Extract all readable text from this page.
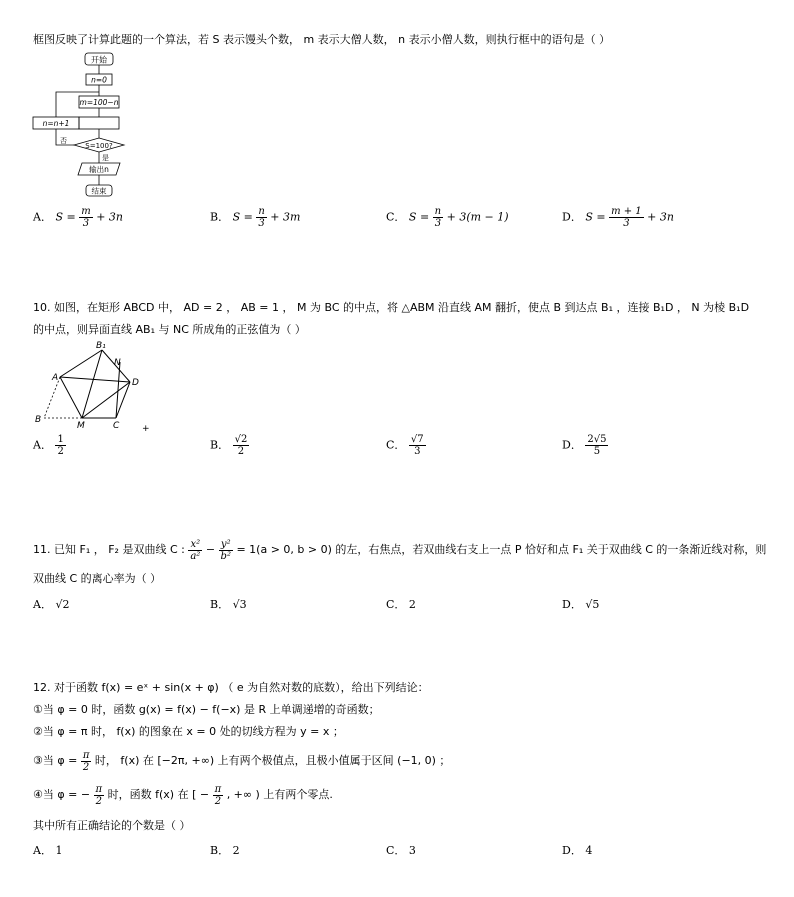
框图反映了计算此题的一个算法，若 S 表示馒头个数， m 表示大僧人数， n 表示小僧人数，则执行框中的语句是（ ）
开始
n=0
m=100−n
S=100?
否
n=n+1
是
输出n
结束
A． $S = \frac{m}{3} + 3n$	B． $S = \frac{n}{3} + 3m$	C． $S = \frac{n}{3} + 3(m - 1)$	D． $S = \frac{m + 1}{3} + 3n$
10. 如图，在矩形 ABCD 中， AD = 2 ， AB = 1 ， M 为 BC 的中点，将 △ABM 沿直线 AM 翻折，使点 B 到达点 B₁ ，连接 B₁D ， N 为棱 B₁D
的中点，则异面直线 AB₁ 与 NC 所成角的正弦值为（ ）
B₁
N
A	D
B
M	C	+
A． $\frac{1}{2}$	B． $\frac{√2}{2}$	C． $\frac{√7}{3}$	D． $\frac{2√5}{5}$
11. 已知 F₁ ， F₂ 是双曲线 C : $\frac{\text{x²}}{\text{a²}} - \frac{\text{y²}}{\text{b²}} = 1(a > 0$, b > 0) 的左，右焦点，若双曲线右支上一点 P 恰好和点 F₁ 关于双曲线 C 的一条渐近线对称，则
双曲线 C 的离心率为（ ）
A． √2	B． √3	C． 2	D． √5
12. 对于函数 f(x) = eˣ + sin(x + φ) （ e 为自然对数的底数），给出下列结论：
①当 φ = 0 时，函数 g(x) = f(x) − f(−x) 是 R 上单调递增的奇函数；
②当 φ = π 时， f(x) 的图象在 x = 0 处的切线方程为 y = x ；
③当 $\varphi = \frac{\pi}{2}$ 时， f(x) 在 [−2π, +∞) 上有两个极值点，且极小值属于区间 (−1, 0) ；
④当 φ = − $\frac{\pi}{2}$ 时，函数 f(x) 在 [ − $\frac{\pi}{2}$ , +∞ ) 上有两个零点.
其中所有正确结论的个数是（ ）
A． 1	B． 2	C． 3	D． 4
